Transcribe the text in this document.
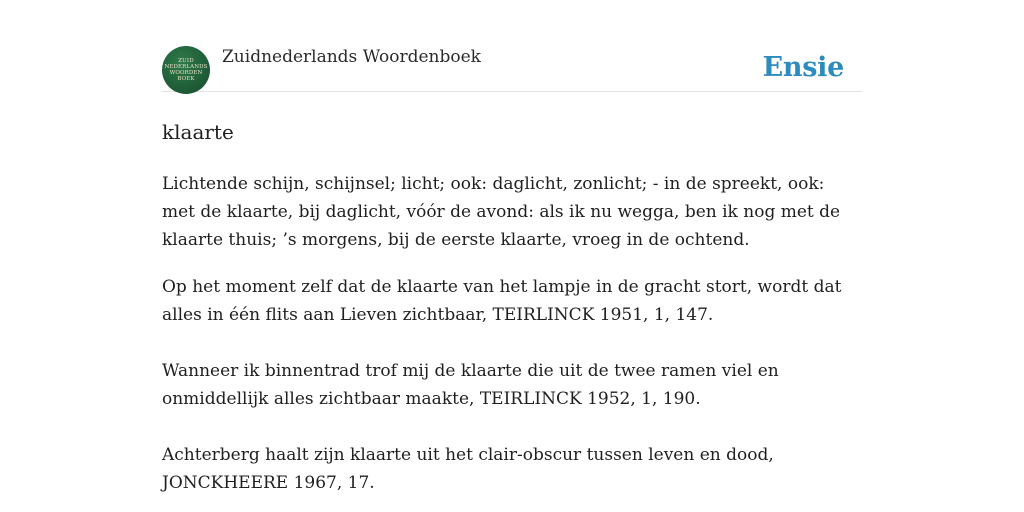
ZUID
NEDERLANDS
WOORDEN
BOEK
Zuidnederlands Woordenboek	Ensie
klaarte

Lichtende schijn, schijnsel; licht; ook: daglicht, zonlicht; - in de spreekt, ook: met de klaarte, bij daglicht, vóór de avond: als ik nu wegga, ben ik nog met de klaarte thuis; ’s morgens, bij de eerste klaarte, vroeg in de ochtend.

Op het moment zelf dat de klaarte van het lampje in de gracht stort, wordt dat alles in één flits aan Lieven zichtbaar, TEIRLINCK 1951, 1, 147.

Wanneer ik binnentrad trof mij de klaarte die uit de twee ramen viel en onmiddellijk alles zichtbaar maakte, TEIRLINCK 1952, 1, 190.

Achterberg haalt zijn klaarte uit het clair-obscur tussen leven en dood, JONCKHEERE 1967, 17.
